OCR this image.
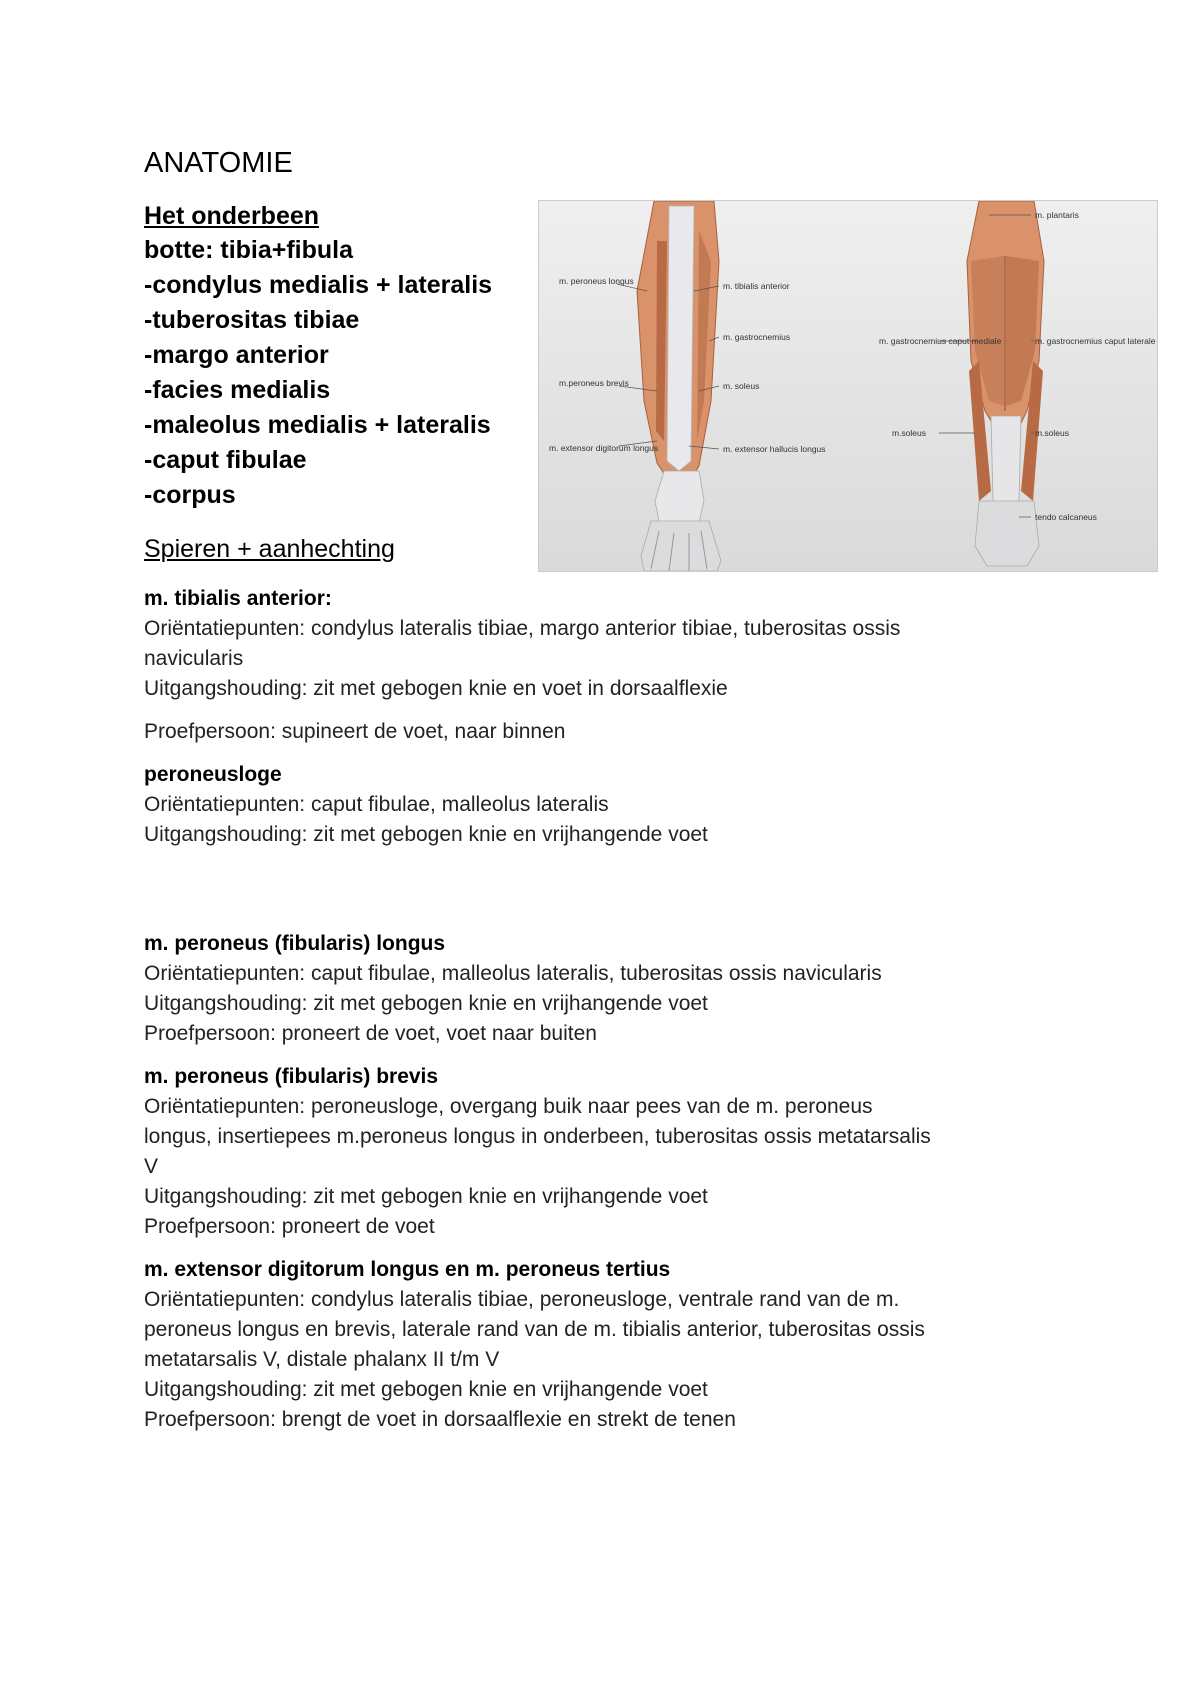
ANATOMIE
Het onderbeen
botte: tibia+fibula
-condylus medialis + lateralis
-tuberositas tibiae
-margo anterior
-facies medialis
-maleolus medialis + lateralis
-caput fibulae
-corpus
Spieren + aanhechting
m. peroneus longus
m.peroneus brevis
m. extensor digitorum longus
m. tibialis anterior
m. gastrocnemius
m. soleus
m. extensor hallucis longus
m. gastrocnemius caput mediale
m.soleus
m. plantaris
m. gastrocnemius caput laterale
m.soleus
tendo calcaneus
m. tibialis anterior:
Oriëntatiepunten: condylus lateralis tibiae, margo anterior tibiae, tuberositas ossis
navicularis
Uitgangshouding: zit met gebogen knie en voet in dorsaalflexie
Proefpersoon: supineert de voet, naar binnen
peroneusloge
Oriëntatiepunten: caput fibulae, malleolus lateralis
Uitgangshouding: zit met gebogen knie en vrijhangende voet
m. peroneus (fibularis) longus
Oriëntatiepunten: caput fibulae, malleolus lateralis, tuberositas ossis navicularis
Uitgangshouding: zit met gebogen knie en vrijhangende voet
Proefpersoon: proneert de voet, voet naar buiten
m. peroneus (fibularis) brevis
Oriëntatiepunten: peroneusloge, overgang buik naar pees van de m. peroneus
longus, insertiepees m.peroneus longus in onderbeen, tuberositas ossis metatarsalis
V
Uitgangshouding: zit met gebogen knie en vrijhangende voet
Proefpersoon: proneert de voet
m. extensor digitorum longus en m. peroneus tertius
Oriëntatiepunten: condylus lateralis tibiae, peroneusloge, ventrale rand van de m.
peroneus longus en brevis, laterale rand van de m. tibialis anterior, tuberositas ossis
metatarsalis V, distale phalanx II t/m V
Uitgangshouding: zit met gebogen knie en vrijhangende voet
Proefpersoon: brengt de voet in dorsaalflexie en strekt de tenen
